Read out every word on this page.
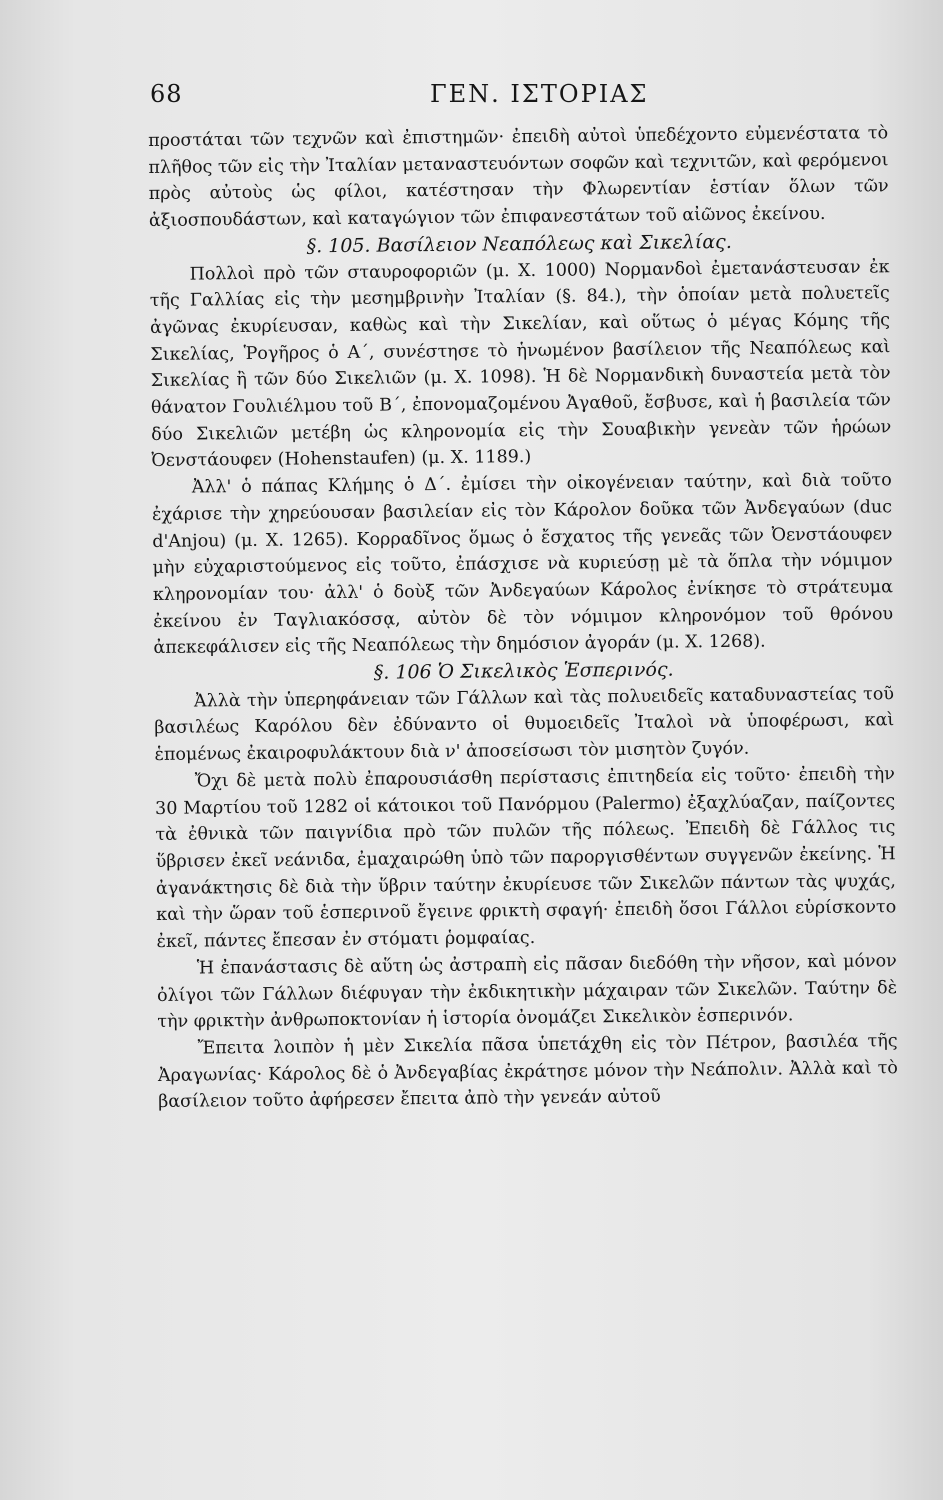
68	ΓΕΝ. ΙΣΤΟΡΙΑΣ

προστάται τῶν τεχνῶν καὶ ἐπιστημῶν· ἐπειδὴ αὐτοὶ ὑπεδέχοντο εὐμενέστατα τὸ πλῆθος τῶν εἰς τὴν Ἰταλίαν μεταναστευόντων σοφῶν καὶ τεχνιτῶν, καὶ φερόμενοι πρὸς αὐτοὺς ὡς φίλοι, κατέστησαν τὴν Φλωρεντίαν ἑστίαν ὅλων τῶν ἀξιοσπουδάστων, καὶ καταγώγιον τῶν ἐπιφανεστάτων τοῦ αἰῶνος ἐκείνου.

§. 105. Βασίλειον Νεαπόλεως καὶ Σικελίας.

Πολλοὶ πρὸ τῶν σταυροφοριῶν (μ. Χ. 1000) Νορμανδοὶ ἐμετανάστευσαν ἐκ τῆς Γαλλίας εἰς τὴν μεσημβρινὴν Ἰταλίαν (§. 84.), τὴν ὁποίαν μετὰ πολυετεῖς ἀγῶνας ἐκυρίευσαν, καθὼς καὶ τὴν Σικελίαν, καὶ οὕτως ὁ μέγας Κόμης τῆς Σικελίας, Ῥογῆρος ὁ Α΄, συνέστησε τὸ ἡνωμένον βασίλειον τῆς Νεαπόλεως καὶ Σικελίας ἢ τῶν δύο Σικελιῶν (μ. Χ. 1098). Ἡ δὲ Νορμανδικὴ δυναστεία μετὰ τὸν θάνατον Γουλιέλμου τοῦ Β΄, ἐπονομαζομένου Ἀγαθοῦ, ἔσβυσε, καὶ ἡ βασιλεία τῶν δύο Σικελιῶν μετέβη ὡς κληρονομία εἰς τὴν Σουαβικὴν γενεὰν τῶν ἡρώων Ὀενστάουφεν (Hohenstaufen) (μ. Χ. 1189.)

Ἀλλ' ὁ πάπας Κλήμης ὁ Δ΄. ἐμίσει τὴν οἰκογένειαν ταύτην, καὶ διὰ τοῦτο ἐχάρισε τὴν χηρεύουσαν βασιλείαν εἰς τὸν Κάρολον δοῦκα τῶν Ἀνδεγαύων (duc d'Anjou) (μ. Χ. 1265). Κορραδῖνος ὅμως ὁ ἔσχατος τῆς γενεᾶς τῶν Ὀενστάουφεν μὴν εὐχαριστούμενος εἰς τοῦτο, ἐπάσχισε νὰ κυριεύσῃ μὲ τὰ ὅπλα τὴν νόμιμον κληρονομίαν του· ἀλλ' ὁ δοὺξ τῶν Ἀνδεγαύων Κάρολος ἐνίκησε τὸ στράτευμα ἐκείνου ἐν Ταγλιακόσσᾳ, αὐτὸν δὲ τὸν νόμιμον κληρονόμον τοῦ θρόνου ἀπεκεφάλισεν εἰς τῆς Νεαπόλεως τὴν δημόσιον ἀγοράν (μ. Χ. 1268).

§. 106 Ὁ Σικελικὸς Ἑσπερινός.

Ἀλλὰ τὴν ὑπερηφάνειαν τῶν Γάλλων καὶ τὰς πολυειδεῖς καταδυναστείας τοῦ βασιλέως Καρόλου δὲν ἐδύναντο οἱ θυμοειδεῖς Ἰταλοὶ νὰ ὑποφέρωσι, καὶ ἑπομένως ἐκαιροφυλάκτουν διὰ ν' ἀποσείσωσι τὸν μισητὸν ζυγόν.

Ὄχι δὲ μετὰ πολὺ ἐπαρουσιάσθη περίστασις ἐπιτηδεία εἰς τοῦτο· ἐπειδὴ τὴν 30 Μαρτίου τοῦ 1282 οἱ κάτοικοι τοῦ Πανόρμου (Palermo) ἐξαχλύαζαν, παίζοντες τὰ ἐθνικὰ τῶν παιγνίδια πρὸ τῶν πυλῶν τῆς πόλεως. Ἐπειδὴ δὲ Γάλλος τις ὕβρισεν ἐκεῖ νεάνιδα, ἐμαχαιρώθη ὑπὸ τῶν παροργισθέντων συγγενῶν ἐκείνης. Ἡ ἀγανάκτησις δὲ διὰ τὴν ὕβριν ταύτην ἐκυρίευσε τῶν Σικελῶν πάντων τὰς ψυχάς, καὶ τὴν ὥραν τοῦ ἑσπερινοῦ ἔγεινε φρικτὴ σφαγή· ἐπειδὴ ὅσοι Γάλλοι εὑρίσκοντο ἐκεῖ, πάντες ἔπεσαν ἐν στόματι ῥομφαίας.

Ἡ ἐπανάστασις δὲ αὕτη ὡς ἀστραπὴ εἰς πᾶσαν διεδόθη τὴν νῆσον, καὶ μόνον ὀλίγοι τῶν Γάλλων διέφυγαν τὴν ἐκδικητικὴν μάχαιραν τῶν Σικελῶν. Ταύτην δὲ τὴν φρικτὴν ἀνθρωποκτονίαν ἡ ἱστορία ὀνομάζει Σικελικὸν ἑσπερινόν.

Ἔπειτα λοιπὸν ἡ μὲν Σικελία πᾶσα ὑπετάχθη εἰς τὸν Πέτρον, βασιλέα τῆς Ἀραγωνίας· Κάρολος δὲ ὁ Ἀνδεγαβίας ἐκράτησε μόνον τὴν Νεάπολιν. Ἀλλὰ καὶ τὸ βασίλειον τοῦτο ἀφήρεσεν ἔπειτα ἀπὸ τὴν γενεάν αὐτοῦ
